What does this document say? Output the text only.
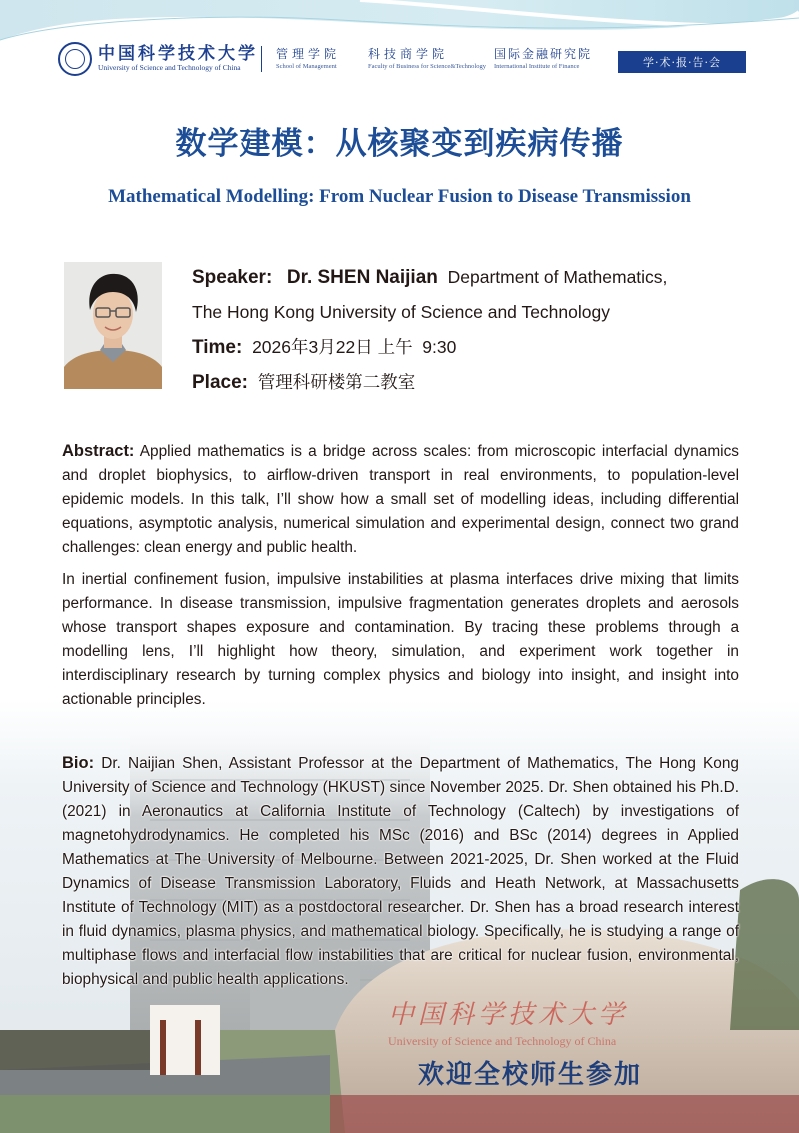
中国科学技术大学
University of Science and Technology of China
管理学院
School of Management
科技商学院
Faculty of Business for Science&Technology
国际金融研究院
International Institute of Finance	学·术·报·告·会
数学建模：从核聚变到疾病传播
Mathematical Modelling: From Nuclear Fusion to Disease Transmission
Speaker: Dr. SHEN Naijian Department of Mathematics,
The Hong Kong University of Science and Technology
Time: 2026年3月22日 上午  9:30
Place: 管理科研楼第二教室
Abstract: Applied mathematics is a bridge across scales: from microscopic interfacial dynamics and droplet biophysics, to airflow-driven transport in real environments, to population-level epidemic models. In this talk, I’ll show how a small set of modelling ideas, including differential equations, asymptotic analysis, numerical simulation and experimental design, connect two grand challenges: clean energy and public health.
In inertial confinement fusion, impulsive instabilities at plasma interfaces drive mixing that limits performance. In disease transmission, impulsive fragmentation generates droplets and aerosols whose transport shapes exposure and contamination. By tracing these problems through a modelling lens, I’ll highlight how theory, simulation, and experiment work together in interdisciplinary research by turning complex physics and biology into insight, and insight into actionable principles.
Bio: Dr. Naijian Shen, Assistant Professor at the Department of Mathematics, The Hong Kong University of Science and Technology (HKUST) since November 2025. Dr. Shen obtained his Ph.D. (2021) in Aeronautics at California Institute of Technology (Caltech) by investigations of magnetohydrodynamics. He completed his MSc (2016) and BSc (2014) degrees in Applied Mathematics at The University of Melbourne. Between 2021-2025, Dr. Shen worked at the Fluid Dynamics of Disease Transmission Laboratory, Fluids and Heath Network, at Massachusetts Institute of Technology (MIT) as a postdoctoral researcher. Dr. Shen has a broad research interest in fluid dynamics, plasma physics, and mathematical biology. Specifically, he is studying a range of multiphase flows and interfacial flow instabilities that are critical for nuclear fusion, environmental, biophysical and public health applications.
中国科学技术大学
University of Science and Technology of China
欢迎全校师生参加
